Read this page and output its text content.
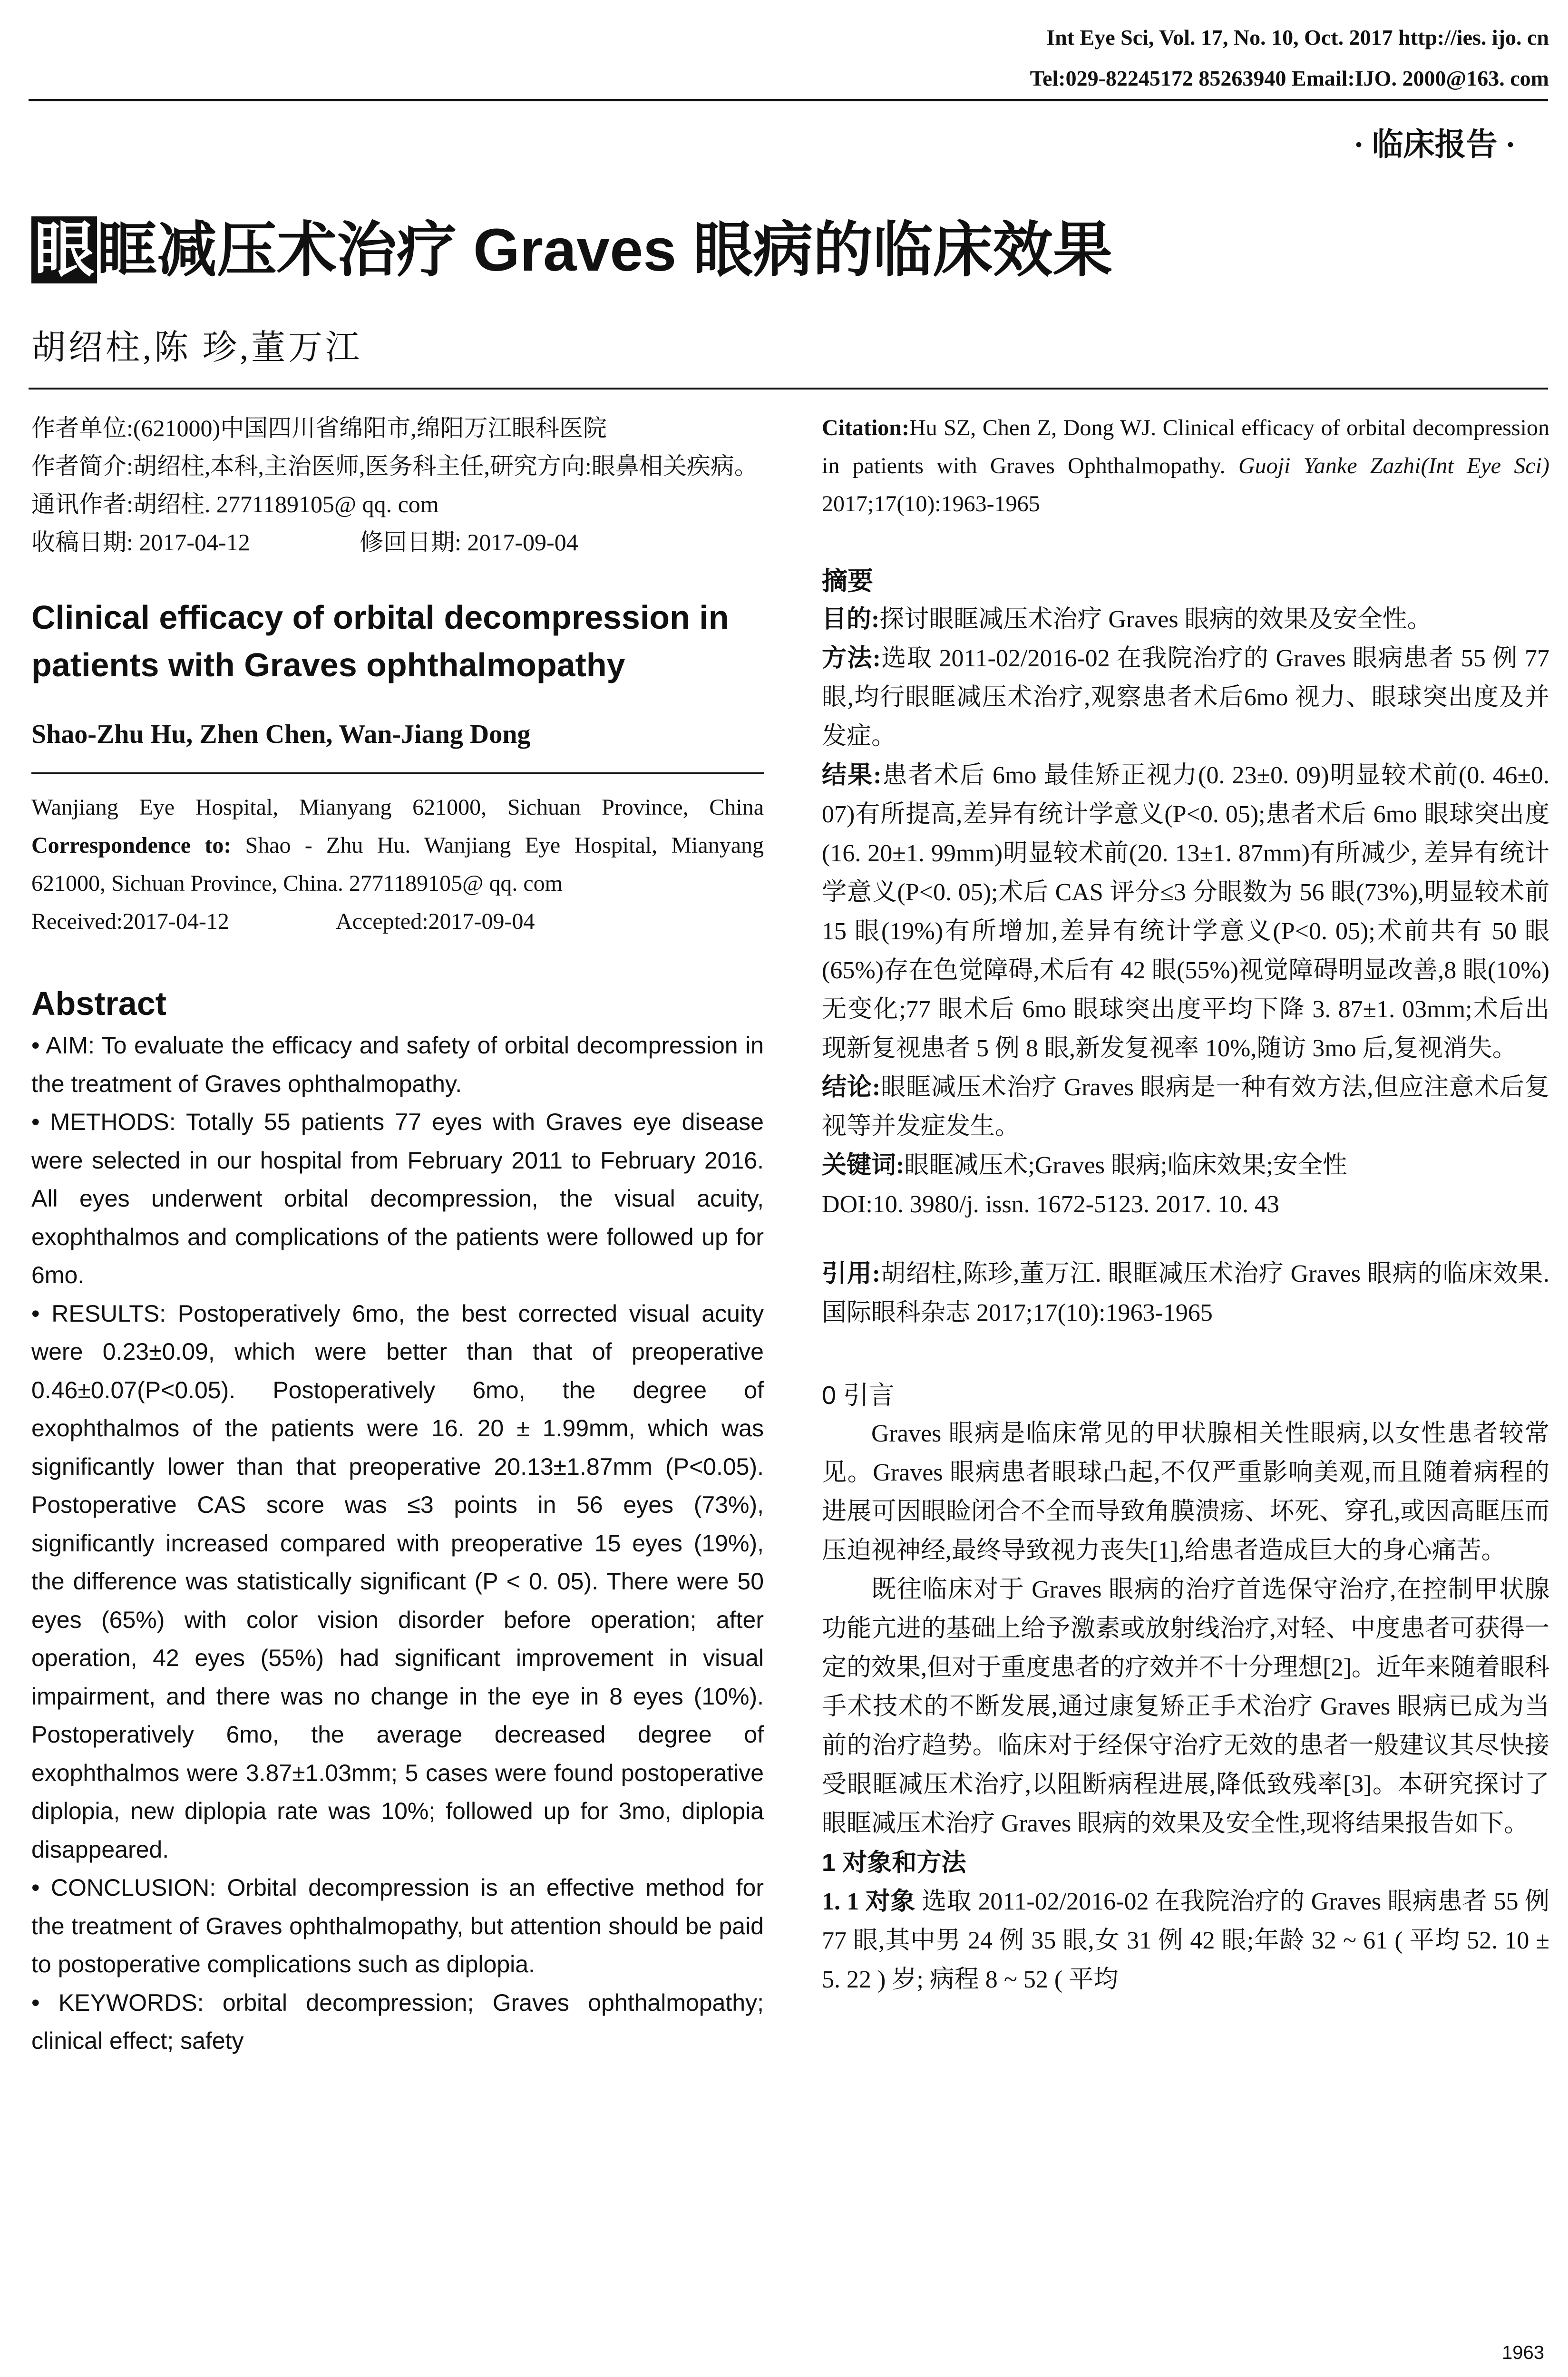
Int Eye Sci, Vol. 17, No. 10, Oct. 2017 http://ies. ijo. cn
Tel:029-82245172 85263940 Email:IJO. 2000@163. com
· 临床报告 ·
眼眶减压术治疗 Graves 眼病的临床效果
胡绍柱,陈 珍,董万江

作者单位:(621000)中国四川省绵阳市,绵阳万江眼科医院

作者简介:胡绍柱,本科,主治医师,医务科主任,研究方向:眼鼻相关疾病。

通讯作者:胡绍柱. 2771189105@ qq. com

收稿日期: 2017-04-12	修回日期: 2017-09-04

Clinical efficacy of orbital decompression in patients with Graves ophthalmopathy
Shao-Zhu Hu, Zhen Chen, Wan-Jiang Dong

Wanjiang Eye Hospital, Mianyang 621000, Sichuan Province, China

Correspondence to: Shao - Zhu Hu. Wanjiang Eye Hospital, Mianyang 621000, Sichuan Province, China. 2771189105@ qq. com

Received:2017-04-12	Accepted:2017-09-04

Abstract

• AIM: To evaluate the efficacy and safety of orbital decompression in the treatment of Graves ophthalmopathy.

• METHODS: Totally 55 patients 77 eyes with Graves eye disease were selected in our hospital from February 2011 to February 2016. All eyes underwent orbital decompression, the visual acuity, exophthalmos and complications of the patients were followed up for 6mo.

• RESULTS: Postoperatively 6mo, the best corrected visual acuity were 0.23±0.09, which were better than that of preoperative 0.46±0.07(P<0.05). Postoperatively 6mo, the degree of exophthalmos of the patients were 16. 20 ± 1.99mm, which was significantly lower than that preoperative 20.13±1.87mm (P<0.05). Postoperative CAS score was ≤3 points in 56 eyes (73%), significantly increased compared with preoperative 15 eyes (19%), the difference was statistically significant (P < 0. 05). There were 50 eyes (65%) with color vision disorder before operation; after operation, 42 eyes (55%) had significant improvement in visual impairment, and there was no change in the eye in 8 eyes (10%). Postoperatively 6mo, the average decreased degree of exophthalmos were 3.87±1.03mm; 5 cases were found postoperative diplopia, new diplopia rate was 10%; followed up for 3mo, diplopia disappeared.

• CONCLUSION: Orbital decompression is an effective method for the treatment of Graves ophthalmopathy, but attention should be paid to postoperative complications such as diplopia.

• KEYWORDS: orbital decompression; Graves ophthalmopathy; clinical effect; safety

Citation:Hu SZ, Chen Z, Dong WJ. Clinical efficacy of orbital decompression in patients with Graves Ophthalmopathy. Guoji Yanke Zazhi(Int Eye Sci) 2017;17(10):1963-1965

摘要

目的:探讨眼眶减压术治疗 Graves 眼病的效果及安全性。

方法:选取 2011-02/2016-02 在我院治疗的 Graves 眼病患者 55 例 77 眼,均行眼眶减压术治疗,观察患者术后6mo 视力、眼球突出度及并发症。

结果:患者术后 6mo 最佳矫正视力(0. 23±0. 09)明显较术前(0. 46±0. 07)有所提高,差异有统计学意义(P<0. 05);患者术后 6mo 眼球突出度(16. 20±1. 99mm)明显较术前(20. 13±1. 87mm)有所减少, 差异有统计学意义(P<0. 05);术后 CAS 评分≤3 分眼数为 56 眼(73%),明显较术前 15 眼(19%)有所增加,差异有统计学意义(P<0. 05);术前共有 50 眼(65%)存在色觉障碍,术后有 42 眼(55%)视觉障碍明显改善,8 眼(10%)无变化;77 眼术后 6mo 眼球突出度平均下降 3. 87±1. 03mm;术后出现新复视患者 5 例 8 眼,新发复视率 10%,随访 3mo 后,复视消失。

结论:眼眶减压术治疗 Graves 眼病是一种有效方法,但应注意术后复视等并发症发生。

关键词:眼眶减压术;Graves 眼病;临床效果;安全性

DOI:10. 3980/j. issn. 1672-5123. 2017. 10. 43

引用:胡绍柱,陈珍,董万江. 眼眶减压术治疗 Graves 眼病的临床效果. 国际眼科杂志 2017;17(10):1963-1965

0 引言

Graves 眼病是临床常见的甲状腺相关性眼病,以女性患者较常见。Graves 眼病患者眼球凸起,不仅严重影响美观,而且随着病程的进展可因眼睑闭合不全而导致角膜溃疡、坏死、穿孔,或因高眶压而压迫视神经,最终导致视力丧失[1],给患者造成巨大的身心痛苦。

既往临床对于 Graves 眼病的治疗首选保守治疗,在控制甲状腺功能亢进的基础上给予激素或放射线治疗,对轻、中度患者可获得一定的效果,但对于重度患者的疗效并不十分理想[2]。近年来随着眼科手术技术的不断发展,通过康复矫正手术治疗 Graves 眼病已成为当前的治疗趋势。临床对于经保守治疗无效的患者一般建议其尽快接受眼眶减压术治疗,以阻断病程进展,降低致残率[3]。本研究探讨了眼眶减压术治疗 Graves 眼病的效果及安全性,现将结果报告如下。

1 对象和方法

1. 1 对象 选取 2011-02/2016-02 在我院治疗的 Graves 眼病患者 55 例 77 眼,其中男 24 例 35 眼,女 31 例 42 眼;年龄 32 ~ 61 ( 平均 52. 10 ± 5. 22 ) 岁; 病程 8 ~ 52 ( 平均

1963
